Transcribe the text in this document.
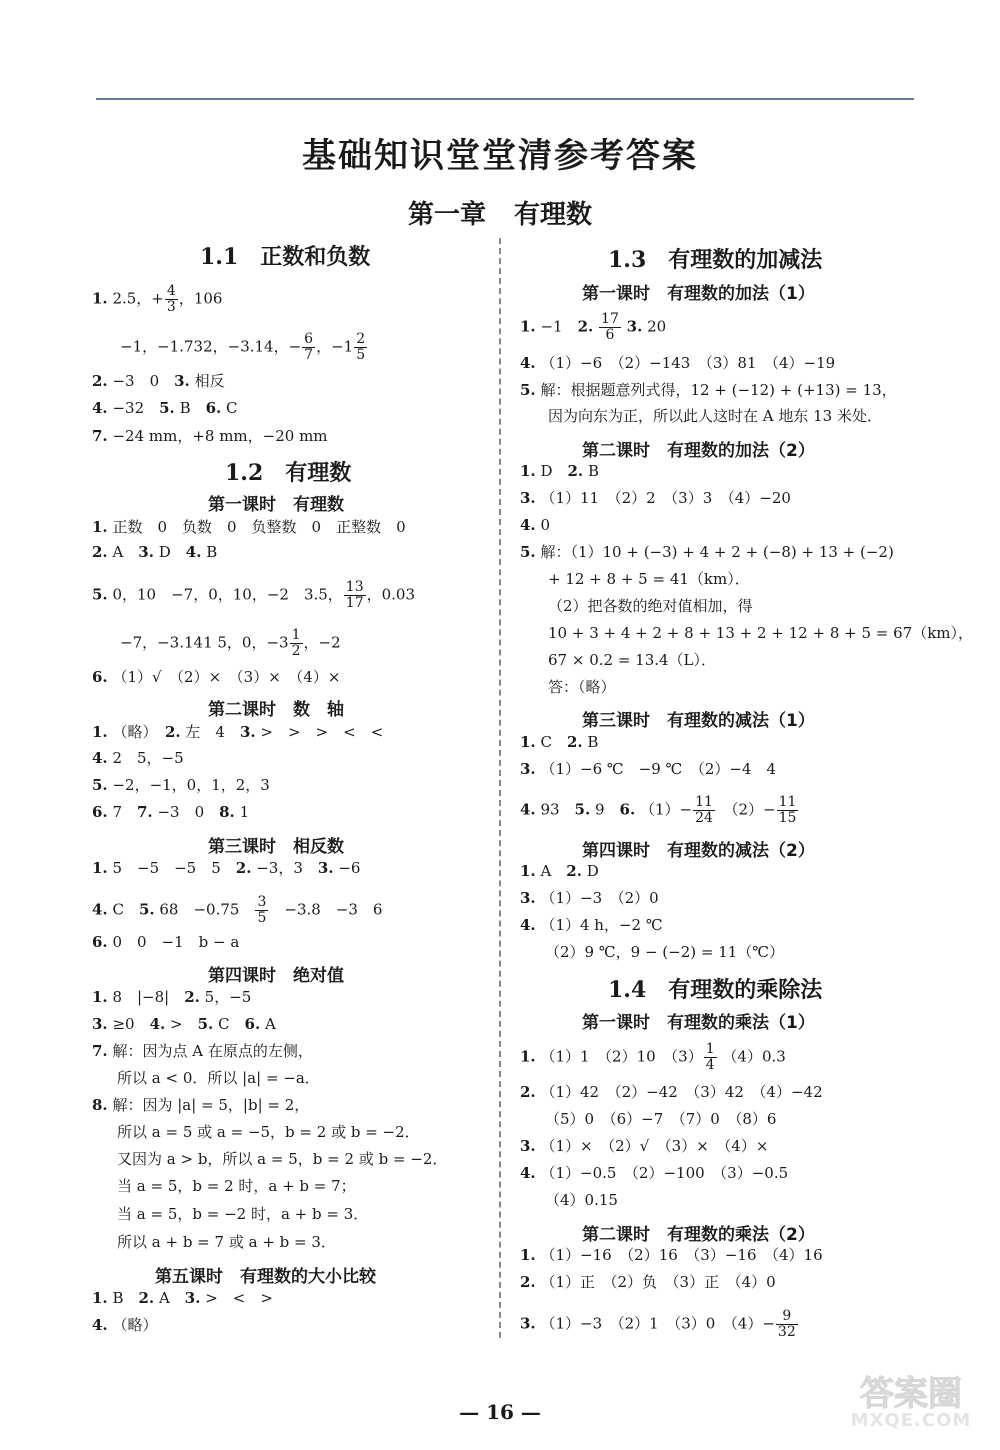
基础知识堂堂清参考答案
第一章 有理数
1.1　正数和负数
1. 2.5，+ $\frac{4}{3}$ ，106
−1，−1.732，−3.14，− $\frac{6}{7}$ ，$-1 \frac{2}{5}$
2. −3　0　3. 相反
4. −32　5. B　6. C
7. −24 mm，+8 mm，−20 mm
1.2　有理数
第一课时　有理数
1. 正数　0　负数　0　负整数　0　正整数　0
2. A　3. D　4. B
5. 0，10　−7，0，10，−2　3.5， $\frac{13}{17}$ ，0.03
−7，−3.141 5，0，$-3 \frac{1}{2}$ ，−2
6. （1）√　（2）×　（3）×　（4）×
第二课时　数　轴
1. （略）　2. 左　4　3. >　>　>　<　<
4. 2　5，−5
5. −2，−1，0，1，2，3
6. 7　7. −3　0　8. 1
第三课时　相反数
1. 5　−5　−5　5　2. −3，3　3. −6
4. C　5. 68　−0.75　 $\frac{3}{5}$ 　−3.8　−3　6
6. 0　0　−1　b − a
第四课时　绝对值
1. 8　|−8|　2. 5，−5
3. ≥0　4. >　5. C　6. A
7. 解：因为点 A 在原点的左侧，
所以 a < 0．所以 |a| = −a．
8. 解：因为 |a| = 5，|b| = 2，
所以 a = 5 或 a = −5，b = 2 或 b = −2．
又因为 a > b，所以 a = 5，b = 2 或 b = −2．
当 a = 5，b = 2 时，a + b = 7；
当 a = 5，b = −2 时，a + b = 3．
所以 a + b = 7 或 a + b = 3．
第五课时　有理数的大小比较
1. B　2. A　3. >　<　>
4. （略）
1.3　有理数的加减法
第一课时　有理数的加法（1）
1. −1　2. $\frac{17}{6} 3$. 20
4. （1）−6　（2）−143　（3）81　（4）−19
5. 解：根据题意列式得，12 + (−12) + (+13) = 13，
因为向东为正，所以此人这时在 A 地东 13 米处．
第二课时　有理数的加法（2）
1. D　2. B
3. （1）11　（2）2　（3）3　（4）−20
4. 0
5. 解：（1）10 + (−3) + 4 + 2 + (−8) + 13 + (−2)
+ 12 + 8 + 5 = 41（km）．
（2）把各数的绝对值相加，得
10 + 3 + 4 + 2 + 8 + 13 + 2 + 12 + 8 + 5 = 67（km），
67 × 0.2 = 13.4（L）．
答：（略）
第三课时　有理数的减法（1）
1. C　2. B
3. （1）−6 ℃　−9 ℃　（2）−4　4
4. 93　5. 9　6. $(1)- \frac{11}{24}$ 　$(2)- \frac{11}{15}$
第四课时　有理数的减法（2）
1. A　2. D
3. （1）−3　（2）0
4. （1）4 h，−2 ℃
（2）9 ℃，9 − (−2) = 11（℃）
1.4　有理数的乘除法
第一课时　有理数的乘法（1）
1. （1）1　（2）10　$(3) \frac{1}{4} (4)0.3$
2. （1）42　（2）−42　（3）42　（4）−42
（5）0　（6）−7　（7）0　（8）6
3. （1）×　（2）√　（3）×　（4）×
4. （1）−0.5　（2）−100　（3）−0.5
（4）0.15
第二课时　有理数的乘法（2）
1. （1）−16　（2）16　（3）−16　（4）16
2. （1）正　（2）负　（3）正　（4）0
3. （1）−3　（2）1　（3）0　$(4)- \frac{9}{32}$
— 16 —	答案圈
MXQE.COM
